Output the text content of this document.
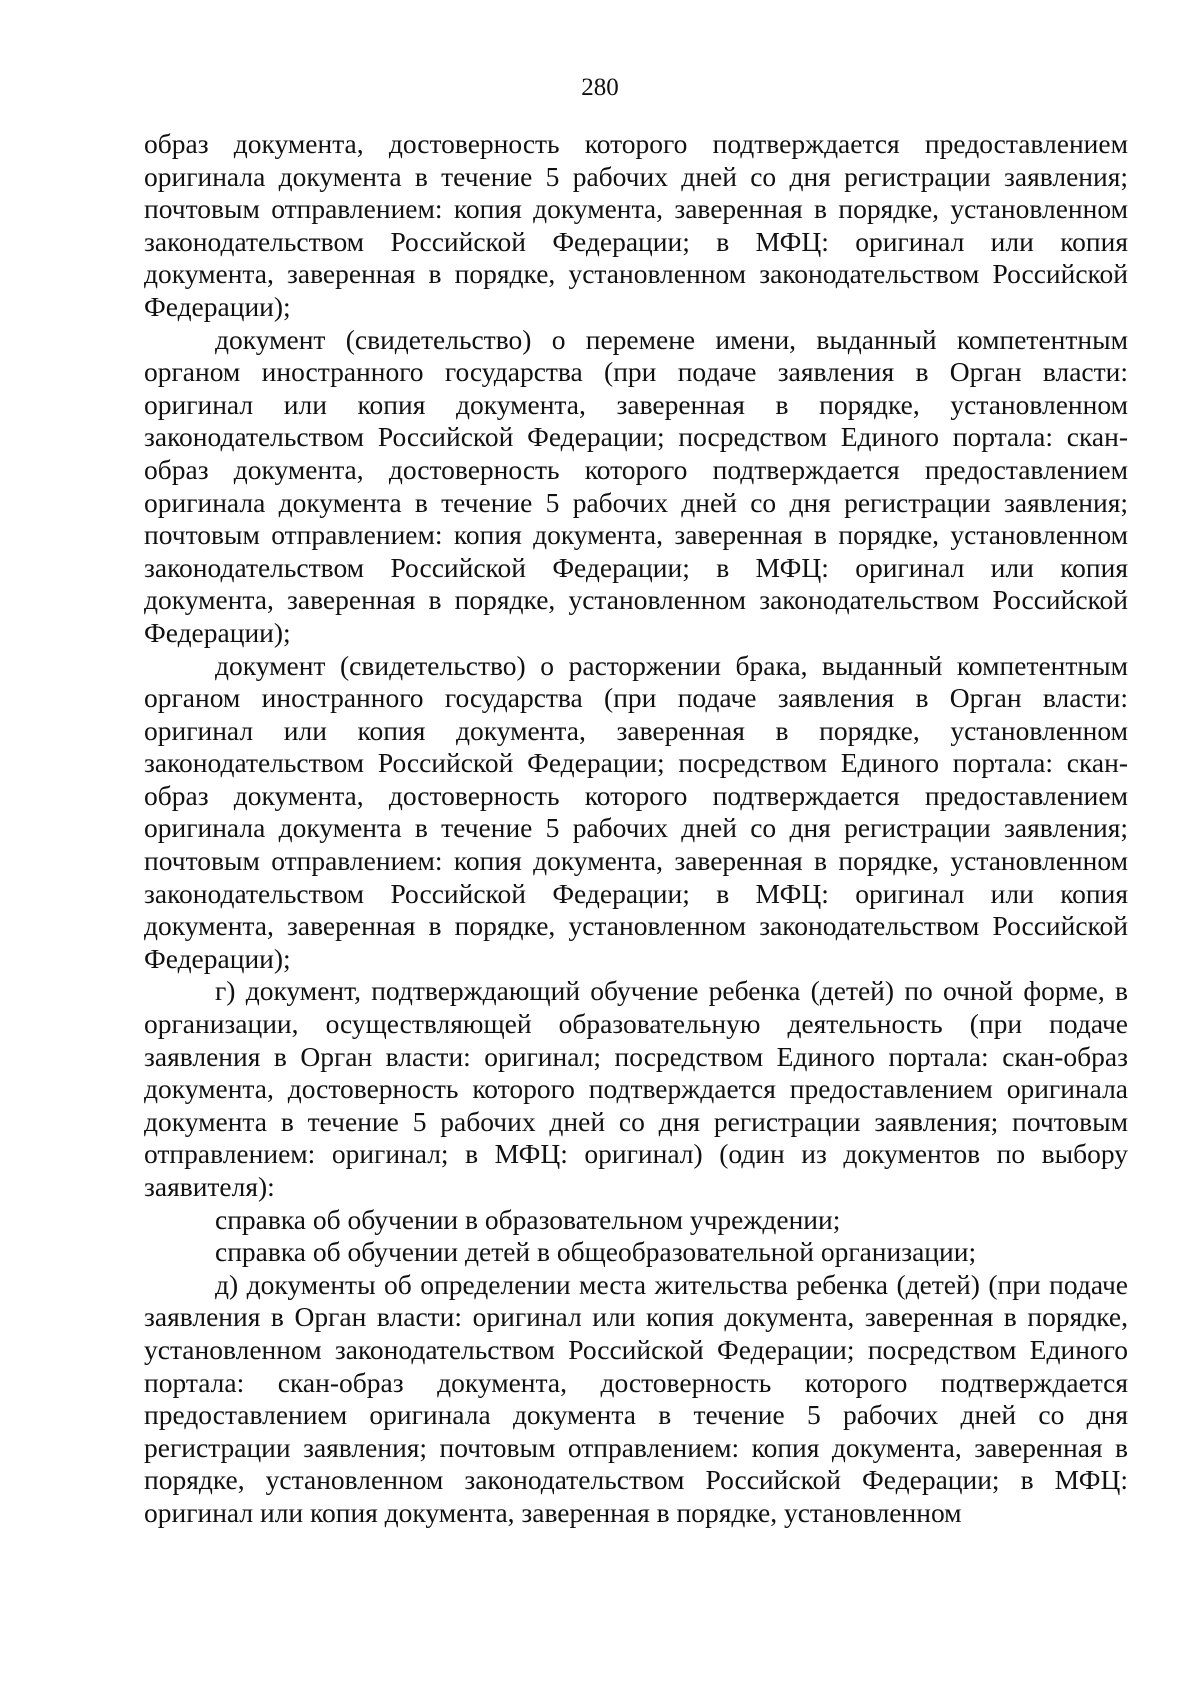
280

образ документа, достоверность которого подтверждается предоставлением оригинала документа в течение 5 рабочих дней со дня регистрации заявления; почтовым отправлением: копия документа, заверенная в порядке, установленном законодательством Российской Федерации; в МФЦ: оригинал или копия документа, заверенная в порядке, установленном законодательством Российской Федерации);

документ (свидетельство) о перемене имени, выданный компетентным органом иностранного государства (при подаче заявления в Орган власти: оригинал или копия документа, заверенная в порядке, установленном законодательством Российской Федерации; посредством Единого портала: скан-образ документа, достоверность которого подтверждается предоставлением оригинала документа в течение 5 рабочих дней со дня регистрации заявления; почтовым отправлением: копия документа, заверенная в порядке, установленном законодательством Российской Федерации; в МФЦ: оригинал или копия документа, заверенная в порядке, установленном законодательством Российской Федерации);

документ (свидетельство) о расторжении брака, выданный компетентным органом иностранного государства (при подаче заявления в Орган власти: оригинал или копия документа, заверенная в порядке, установленном законодательством Российской Федерации; посредством Единого портала: скан-образ документа, достоверность которого подтверждается предоставлением оригинала документа в течение 5 рабочих дней со дня регистрации заявления; почтовым отправлением: копия документа, заверенная в порядке, установленном законодательством Российской Федерации; в МФЦ: оригинал или копия документа, заверенная в порядке, установленном законодательством Российской Федерации);

г) документ, подтверждающий обучение ребенка (детей) по очной форме, в организации, осуществляющей образовательную деятельность (при подаче заявления в Орган власти: оригинал; посредством Единого портала: скан-образ документа, достоверность которого подтверждается предоставлением оригинала документа в течение 5 рабочих дней со дня регистрации заявления; почтовым отправлением: оригинал; в МФЦ: оригинал) (один из документов по выбору заявителя):

справка об обучении в образовательном учреждении;

справка об обучении детей в общеобразовательной организации;

д) документы об определении места жительства ребенка (детей) (при подаче заявления в Орган власти: оригинал или копия документа, заверенная в порядке, установленном законодательством Российской Федерации; посредством Единого портала: скан-образ документа, достоверность которого подтверждается предоставлением оригинала документа в течение 5 рабочих дней со дня регистрации заявления; почтовым отправлением: копия документа, заверенная в порядке, установленном законодательством Российской Федерации; в МФЦ: оригинал или копия документа, заверенная в порядке, установленном
